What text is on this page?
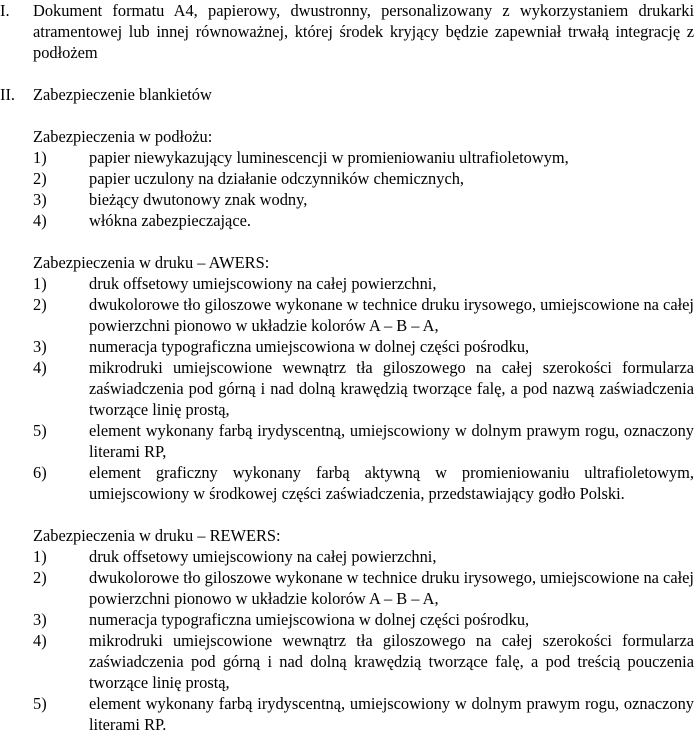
I.	Dokument formatu A4, papierowy, dwustronny, personalizowany z wykorzystaniem drukarki atramentowej lub innej równoważnej, której środek kryjący będzie zapewniał trwałą integrację z podłożem
II.	Zabezpieczenie blankietów
Zabezpieczenia w podłożu:
1)	papier niewykazujący luminescencji w promieniowaniu ultrafioletowym,
2)	papier uczulony na działanie odczynników chemicznych,
3)	bieżący dwutonowy znak wodny,
4)	włókna zabezpieczające.
Zabezpieczenia w druku – AWERS:
1)	druk offsetowy umiejscowiony na całej powierzchni,
2)	dwukolorowe tło giloszowe wykonane w technice druku irysowego, umiejscowione na całej powierzchni pionowo w układzie kolorów A – B – A,
3)	numeracja typograficzna umiejscowiona w dolnej części pośrodku,
4)	mikrodruki umiejscowione wewnątrz tła giloszowego na całej szerokości formularza zaświadczenia pod górną i nad dolną krawędzią tworzące falę, a pod nazwą zaświadczenia tworzące linię prostą,
5)	element wykonany farbą irydyscentną, umiejscowiony w dolnym prawym rogu, oznaczony literami RP,
6)	element graficzny wykonany farbą aktywną w promieniowaniu ultrafioletowym, umiejscowiony w środkowej części zaświadczenia, przedstawiający godło Polski.
Zabezpieczenia w druku – REWERS:
1)	druk offsetowy umiejscowiony na całej powierzchni,
2)	dwukolorowe tło giloszowe wykonane w technice druku irysowego, umiejscowione na całej powierzchni pionowo w układzie kolorów A – B – A,
3)	numeracja typograficzna umiejscowiona w dolnej części pośrodku,
4)	mikrodruki umiejscowione wewnątrz tła giloszowego na całej szerokości formularza zaświadczenia pod górną i nad dolną krawędzią tworzące falę, a pod treścią pouczenia tworzące linię prostą,
5)	element wykonany farbą irydyscentną, umiejscowiony w dolnym prawym rogu, oznaczony literami RP.
